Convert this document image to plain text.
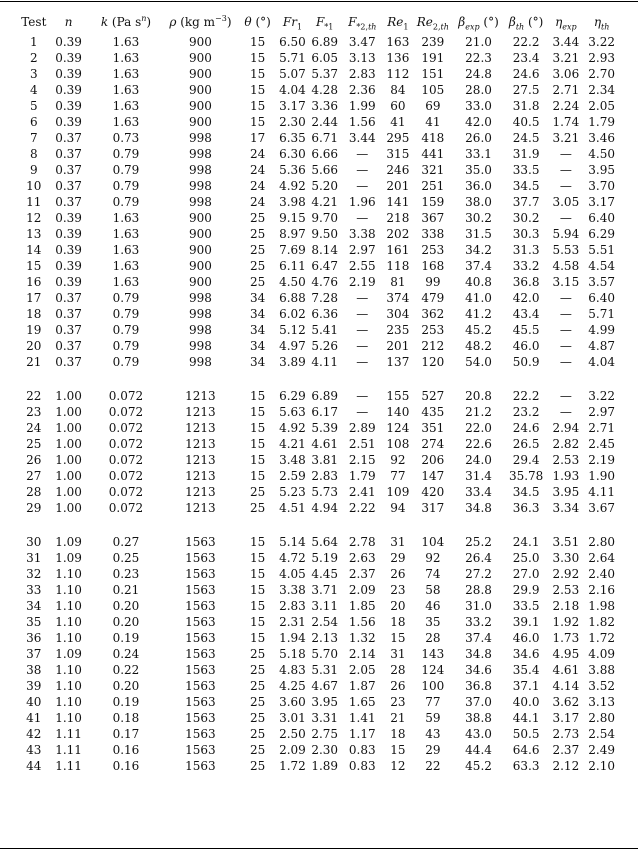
Test	n	k (Pa $s^n$)	ρ (kg $m^{-3}$)	θ (°)	$Fr_1$	$F_{*1}$	$F_{*2,th}$	$Re_1$	$Re_{2,th}$	$\beta_{exp}$ (°)	$\beta_{th}$ (°)	$\eta_{exp}$	$\eta_{th}$

1	0.39	1.63	900	15	6.50	6.89	3.47	163	239	21.0	22.2	3.44	3.22
2	0.39	1.63	900	15	5.71	6.05	3.13	136	191	22.3	23.4	3.21	2.93
3	0.39	1.63	900	15	5.07	5.37	2.83	112	151	24.8	24.6	3.06	2.70
4	0.39	1.63	900	15	4.04	4.28	2.36	84	105	28.0	27.5	2.71	2.34
5	0.39	1.63	900	15	3.17	3.36	1.99	60	69	33.0	31.8	2.24	2.05
6	0.39	1.63	900	15	2.30	2.44	1.56	41	41	42.0	40.5	1.74	1.79
7	0.37	0.73	998	17	6.35	6.71	3.44	295	418	26.0	24.5	3.21	3.46
8	0.37	0.79	998	24	6.30	6.66	—	315	441	33.1	31.9	—	4.50
9	0.37	0.79	998	24	5.36	5.66	—	246	321	35.0	33.5	—	3.95
10	0.37	0.79	998	24	4.92	5.20	—	201	251	36.0	34.5	—	3.70
11	0.37	0.79	998	24	3.98	4.21	1.96	141	159	38.0	37.7	3.05	3.17
12	0.39	1.63	900	25	9.15	9.70	—	218	367	30.2	30.2	—	6.40
13	0.39	1.63	900	25	8.97	9.50	3.38	202	338	31.5	30.3	5.94	6.29
14	0.39	1.63	900	25	7.69	8.14	2.97	161	253	34.2	31.3	5.53	5.51
15	0.39	1.63	900	25	6.11	6.47	2.55	118	168	37.4	33.2	4.58	4.54
16	0.39	1.63	900	25	4.50	4.76	2.19	81	99	40.8	36.8	3.15	3.57
17	0.37	0.79	998	34	6.88	7.28	—	374	479	41.0	42.0	—	6.40
18	0.37	0.79	998	34	6.02	6.36	—	304	362	41.2	43.4	—	5.71
19	0.37	0.79	998	34	5.12	5.41	—	235	253	45.2	45.5	—	4.99
20	0.37	0.79	998	34	4.97	5.26	—	201	212	48.2	46.0	—	4.87
21	0.37	0.79	998	34	3.89	4.11	—	137	120	54.0	50.9	—	4.04

22	1.00	0.072	1213	15	6.29	6.89	—	155	527	20.8	22.2	—	3.22
23	1.00	0.072	1213	15	5.63	6.17	—	140	435	21.2	23.2	—	2.97
24	1.00	0.072	1213	15	4.92	5.39	2.89	124	351	22.0	24.6	2.94	2.71
25	1.00	0.072	1213	15	4.21	4.61	2.51	108	274	22.6	26.5	2.82	2.45
26	1.00	0.072	1213	15	3.48	3.81	2.15	92	206	24.0	29.4	2.53	2.19
27	1.00	0.072	1213	15	2.59	2.83	1.79	77	147	31.4	35.78	1.93	1.90
28	1.00	0.072	1213	25	5.23	5.73	2.41	109	420	33.4	34.5	3.95	4.11
29	1.00	0.072	1213	25	4.51	4.94	2.22	94	317	34.8	36.3	3.34	3.67

30	1.09	0.27	1563	15	5.14	5.64	2.78	31	104	25.2	24.1	3.51	2.80
31	1.09	0.25	1563	15	4.72	5.19	2.63	29	92	26.4	25.0	3.30	2.64
32	1.10	0.23	1563	15	4.05	4.45	2.37	26	74	27.2	27.0	2.92	2.40
33	1.10	0.21	1563	15	3.38	3.71	2.09	23	58	28.8	29.9	2.53	2.16
34	1.10	0.20	1563	15	2.83	3.11	1.85	20	46	31.0	33.5	2.18	1.98
35	1.10	0.20	1563	15	2.31	2.54	1.56	18	35	33.2	39.1	1.92	1.82
36	1.10	0.19	1563	15	1.94	2.13	1.32	15	28	37.4	46.0	1.73	1.72
37	1.09	0.24	1563	25	5.18	5.70	2.14	31	143	34.8	34.6	4.95	4.09
38	1.10	0.22	1563	25	4.83	5.31	2.05	28	124	34.6	35.4	4.61	3.88
39	1.10	0.20	1563	25	4.25	4.67	1.87	26	100	36.8	37.1	4.14	3.52
40	1.10	0.19	1563	25	3.60	3.95	1.65	23	77	37.0	40.0	3.62	3.13
41	1.10	0.18	1563	25	3.01	3.31	1.41	21	59	38.8	44.1	3.17	2.80
42	1.11	0.17	1563	25	2.50	2.75	1.17	18	43	43.0	50.5	2.73	2.54
43	1.11	0.16	1563	25	2.09	2.30	0.83	15	29	44.4	64.6	2.37	2.49
44	1.11	0.16	1563	25	1.72	1.89	0.83	12	22	45.2	63.3	2.12	2.10
